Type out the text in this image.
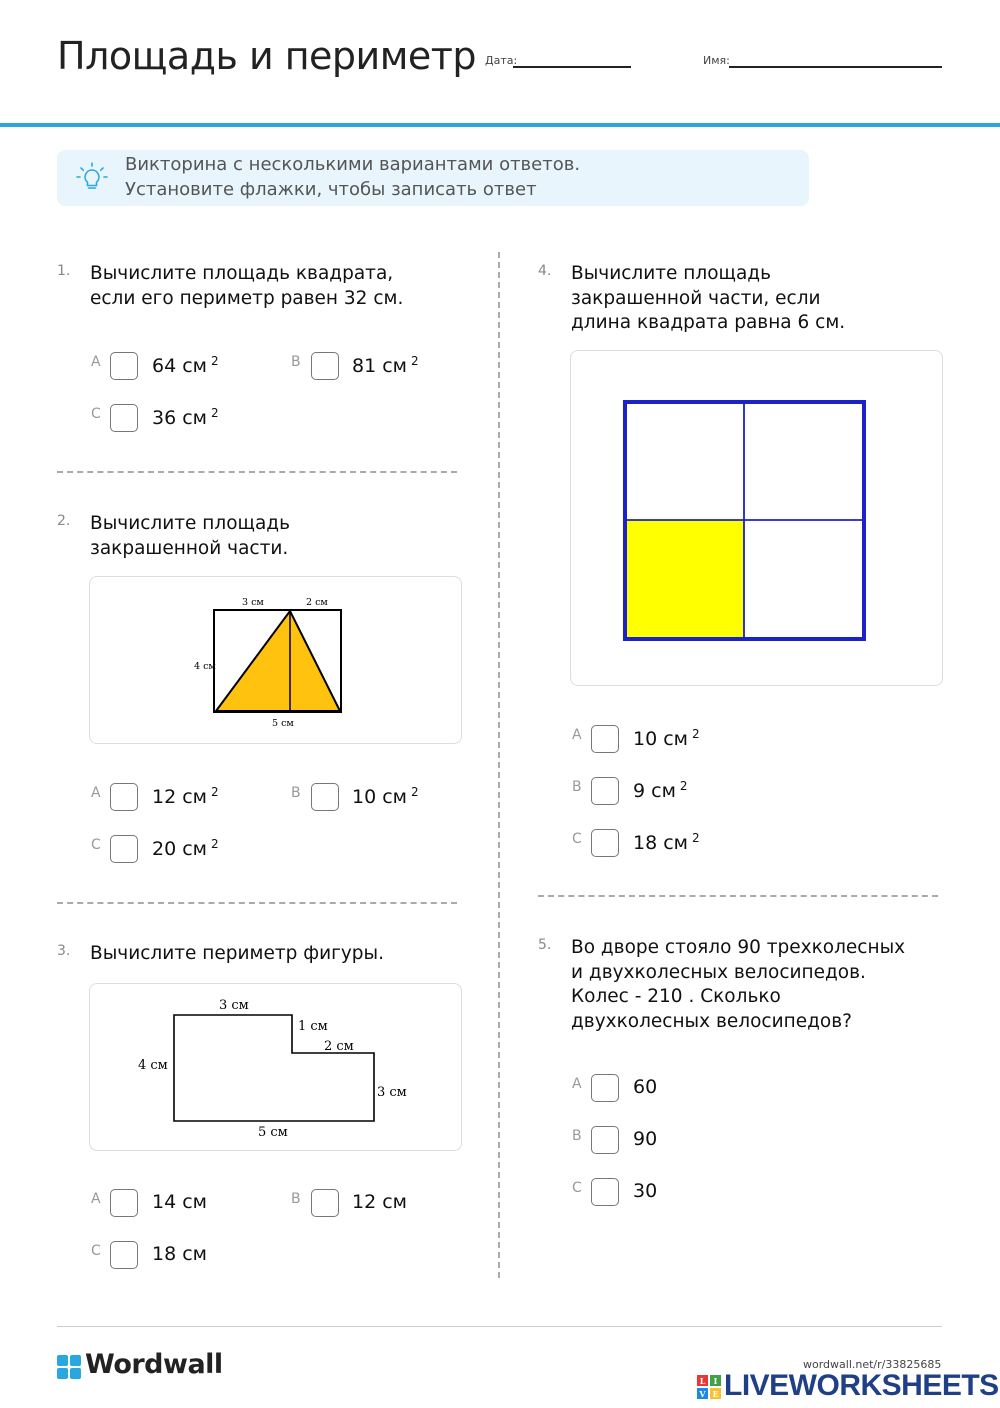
Площадь и периметр Дата:	Имя:
Викторина с несколькими вариантами ответов.
Установите флажки, чтобы записать ответ
1. Вычислите площадь квадрата,
если его периметр равен 32 см.
A	64 см $^2$	B	81 см $^2$
C	36 см $^2$
2. Вычислите площадь
закрашенной части.
3 см	2 см
4 см
5 см
A	12 см $^2$	B	10 см $^2$
C	20 см $^2$
3. Вычислите периметр фигуры.
3 см
1 см
2 см
4 см
3 см
5 см
A	14 см	B	12 см
C	18 см
4. Вычислите площадь
закрашенной части, если
длина квадрата равна 6 см.
A	10 см $^2$
B	9 см $^2$
C	18 см $^2$
5. Во дворе стояло 90 трехколесных
и двухколесных велосипедов.
Колес - 210 . Сколько
двухколесных велосипедов?
A	60
B	90
C	30
Wordwall	wordwall.net/r/33825685
L I
V E LIVEWORKSHEETS
